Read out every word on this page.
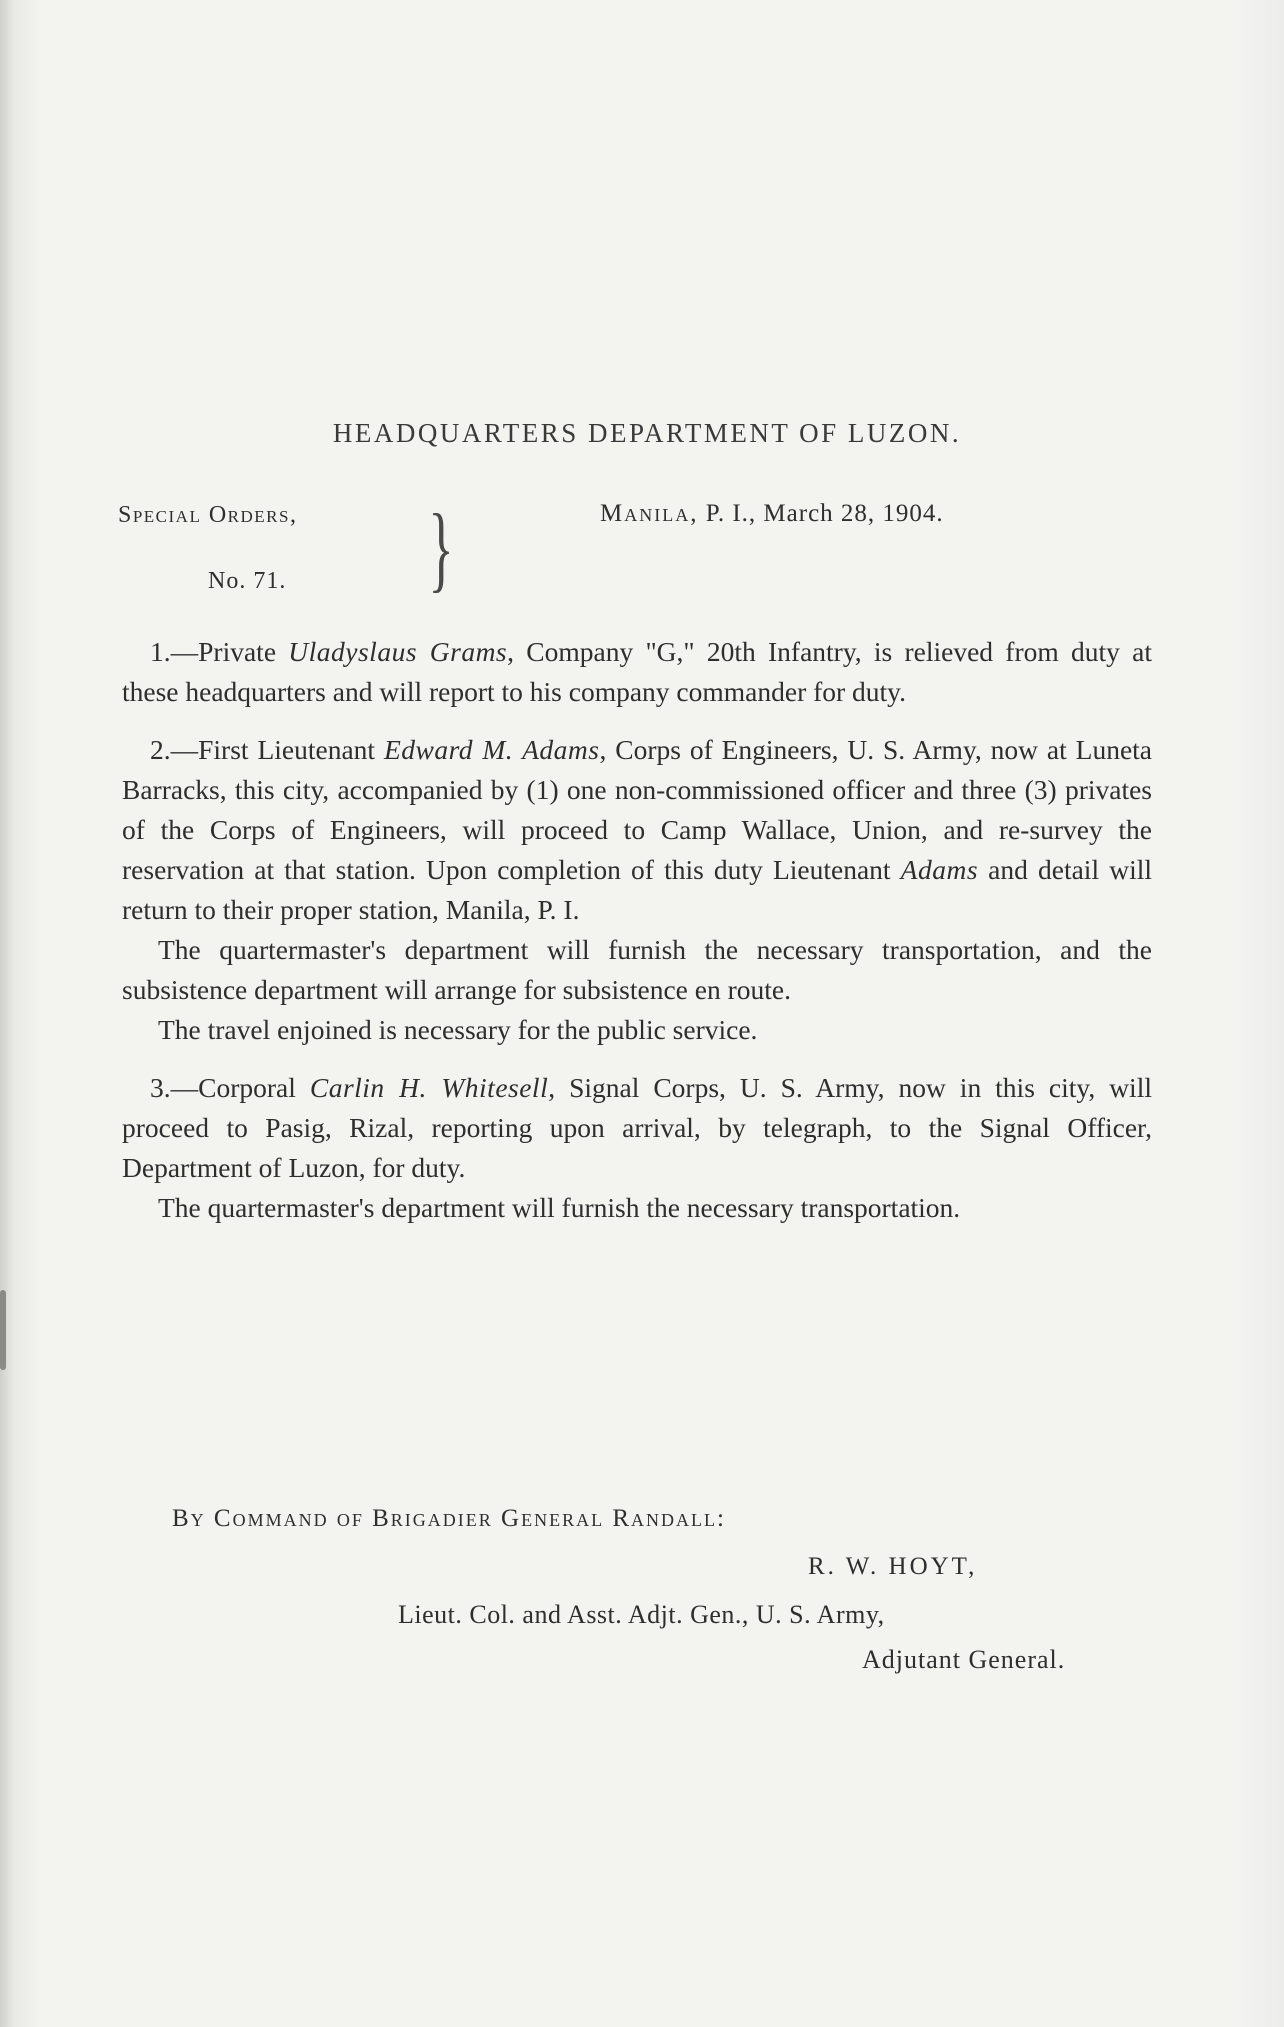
HEADQUARTERS DEPARTMENT OF LUZON.
Special Orders,
No. 71. }	Manila, P. I., March 28, 1904.

1.—Private Uladyslaus Grams, Company "G," 20th Infantry, is relieved from duty at these headquarters and will report to his company commander for duty.

2.—First Lieutenant Edward M. Adams, Corps of Engineers, U. S. Army, now at Luneta Barracks, this city, accompanied by (1) one non-commissioned officer and three (3) privates of the Corps of Engineers, will proceed to Camp Wallace, Union, and re-survey the reservation at that station. Upon completion of this duty Lieutenant Adams and detail will return to their proper station, Manila, P. I.

The quartermaster's department will furnish the necessary transportation, and the subsistence department will arrange for subsistence en route.

The travel enjoined is necessary for the public service.

3.—Corporal Carlin H. Whitesell, Signal Corps, U. S. Army, now in this city, will proceed to Pasig, Rizal, reporting upon arrival, by telegraph, to the Signal Officer, Department of Luzon, for duty.

The quartermaster's department will furnish the necessary transportation.

By Command of Brigadier General Randall:
R. W. HOYT,
Lieut. Col. and Asst. Adjt. Gen., U. S. Army,
Adjutant General.
